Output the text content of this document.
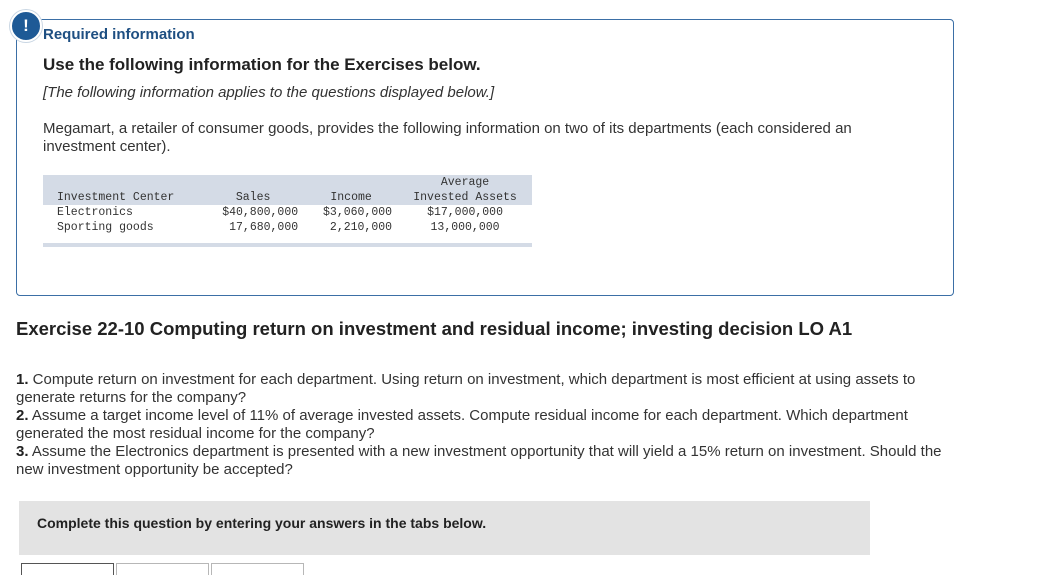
! Required information
Use the following information for the Exercises below.
[The following information applies to the questions displayed below.]
Megamart, a retailer of consumer goods, provides the following information on two of its departments (each considered an investment center).
Investment Center	Sales	Income	Average
Invested Assets

Electronics	$40,800,000	$3,060,000	$17,000,000
Sporting goods	17,680,000	2,210,000	13,000,000

Exercise 22-10 Computing return on investment and residual income; investing decision LO A1

1. Compute return on investment for each department. Using return on investment, which department is most efficient at using assets to generate returns for the company?

2. Assume a target income level of 11% of average invested assets. Compute residual income for each department. Which department generated the most residual income for the company?

3. Assume the Electronics department is presented with a new investment opportunity that will yield a 15% return on investment. Should the new investment opportunity be accepted?

Complete this question by entering your answers in the tabs below.
